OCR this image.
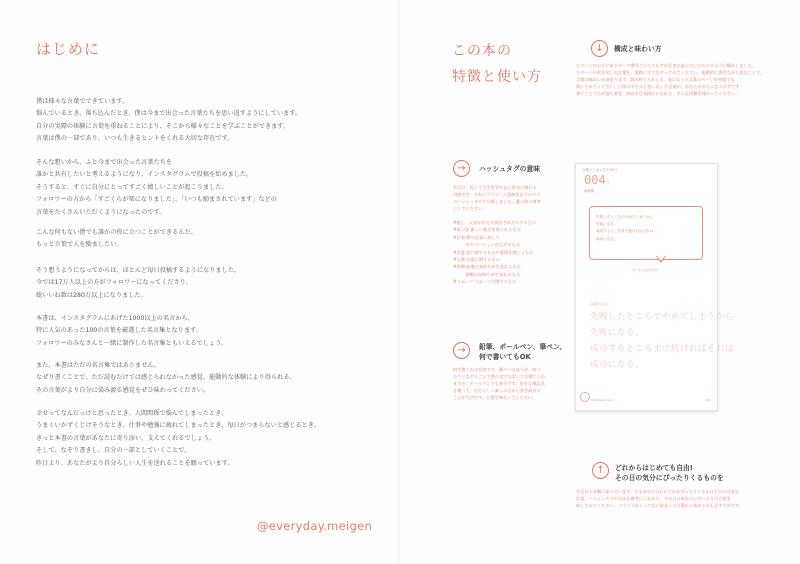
はじめに
僕は様々な言葉でできています。
悩んでいるとき、落ち込んだとき、僕は今まで出会った言葉たちを思い返すようにしています。
自分の実際の体験に言葉を重ねることにより、そこから様々なことを学ぶことができます。
言葉は僕の一部であり、いつも生きるヒントをくれる大切な存在です。
そんな想いから、ふと今まで出会った言葉たちを
誰かと共有したいと考えるようになり、インスタグラムで投稿を始めました。
そうすると、すぐに自分にとってすごく嬉しいことが起こりました。
フォロワーの方から「すごくらが楽になりました」、「いつも励まされています」などの
言葉をたくさんいただくようになったのです。
こんな何もない僕でも誰かの役に立つことができるんだ。
もっと言葉で人を励ましたい。
そう想うようになってからは、ほとんど毎日投稿するようになりました。
今では17万人以上の方がフォロワーになってくださり、
総いいね数は280万以上になりました。
本書は、インスタグラムにあげた1000以上の名言から、
特に人気のあった100の言葉を厳選した名言集となります。
フォロワーのみなさんと一緒に制作した名言集ともいえるでしょう。
また、本書はただの名言集ではありません。
なぜり書くことで、ただ読むだけでは感じられなかった感覚、能動的な体験により得られる、
その言葉がより自分に染み渡る感覚をぜひ味わってください。
幸せってなんだっけと思ったとき、人間関係で悩んでしまったとき、
うまくいかずくじけそうなとき、仕事や勉強に疲れてしまったとき、毎日がつまらないと感じるとき、
きっと本書の言葉があなたに寄り添い、支えてくれるでしょう。
そして、なぞり書きし、自分の一部としていくことで、
昨日より、あなたがより自分らしい人生を送れることを願っています。
@everyday.meigen
この本の
特徴と使い方
↓	構成と味わい方
左ページの右上にあるテーマ番号ごとにそれぞれ好きに読んでいただけるように構成しました。
右ページの吹き出しの言葉を、実際に手でなぞってみてください。能動的に書きながら読むことで、
言葉の味わいが深まります。読み終えたあとも、気になった言葉のページを何度でも
開いてみてください。日常の中でふと思い出した言葉が、あなたの支えになるはずです。
書くことで心が落ち着き、前向きな気持ちになれる、そんな体験を味わってください。
→	ハッシュタグの意味
名言は、短くて人生哲学や自己啓発に関わる
内容です。それにプラスした意味を以下のタグ
のハッシュタグに分類しました。選ぶ時の参考
にしてください。
#癒し、元気が出たり励まされたりするもの
#気づき:新しい視点を得られるもの
#仕事:夢や仕事に対して
　　　モチベーションが上がるもの
#恋愛:恋に関するものや愛情を感じるもの
#言葉:言葉に関するもの
#挑戦:前進の気持ちが生まれるもの
　　　挑戦の気持ちが生まれるもの
#スポーツ:スポーツに関するもの
→	鉛筆、ボールペン、筆ペン、
何で書いてもOK
何で書くかは自由です。筆ペンのほうが、ゆっ
たりとなぞることで書の文字の美しさも感じられ
ますが、ボールペンでも充分です。好きな筆記具
を使って、自分らしく楽しみながら書き続ける
ことが大切です。言葉を味わってください。
言葉とともに歩む毎日
004言
#挑戦
失敗したところでやめてしまうから
失敗になる。
成功するところまで続ければそれは
成功になる。
松下幸之助(実業家)
言葉をなぞる
失敗したところでやめてしまうから
失敗になる。
成功するところまで続ければそれは
成功になる。
Hashtag memo	009
↑	どれからはじめても自由!
その日の気分にぴったりくるものを
名言は人気順に並んでいます。でもあなたの心にどれがぴったりくるかはその日の気分
次第。ハッシュタグや目次も参考にしながら、その日のあなたにぴったりの言葉を
探してみてください。パラパラめくって目に留まった言葉から始めるのもおすすめです。
